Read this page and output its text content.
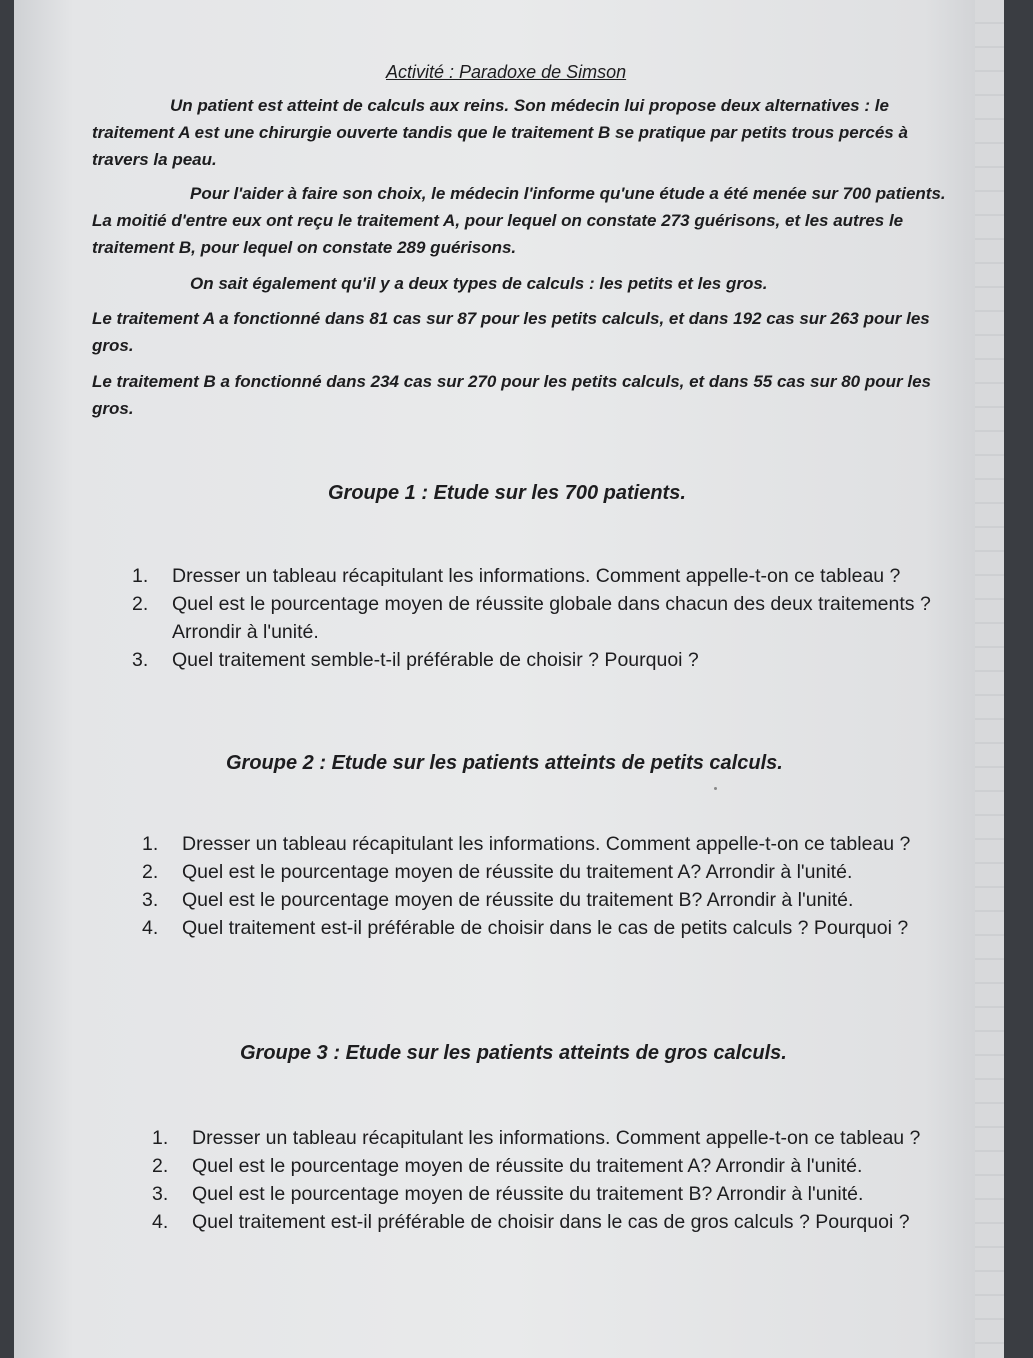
Activité : Paradoxe de Simson

Un patient est atteint de calculs aux reins. Son médecin lui propose deux alternatives : le traitement A est une chirurgie ouverte tandis que le traitement B se pratique par petits trous percés à travers la peau.

Pour l'aider à faire son choix, le médecin l'informe qu'une étude a été menée sur 700 patients. La moitié d'entre eux ont reçu le traitement A, pour lequel on constate 273 guérisons, et les autres le traitement B, pour lequel on constate 289 guérisons.

On sait également qu'il y a deux types de calculs : les petits et les gros.

Le traitement A a fonctionné dans 81 cas sur 87 pour les petits calculs, et dans 192 cas sur 263 pour les gros.

Le traitement B a fonctionné dans 234 cas sur 270 pour les petits calculs, et dans 55 cas sur 80 pour les gros.

Groupe 1 : Etude sur les 700 patients.
1. Dresser un tableau récapitulant les informations. Comment appelle-t-on ce tableau ?
2. Quel est le pourcentage moyen de réussite globale dans chacun des deux traitements ? Arrondir à l'unité.
3. Quel traitement semble-t-il préférable de choisir ? Pourquoi ?
Groupe 2 : Etude sur les patients atteints de petits calculs.
1. Dresser un tableau récapitulant les informations. Comment appelle-t-on ce tableau ?
2. Quel est le pourcentage moyen de réussite du traitement A? Arrondir à l'unité.
3. Quel est le pourcentage moyen de réussite du traitement B? Arrondir à l'unité.
4. Quel traitement est-il préférable de choisir dans le cas de petits calculs ? Pourquoi ?
Groupe 3 : Etude sur les patients atteints de gros calculs.
1. Dresser un tableau récapitulant les informations. Comment appelle-t-on ce tableau ?
2. Quel est le pourcentage moyen de réussite du traitement A? Arrondir à l'unité.
3. Quel est le pourcentage moyen de réussite du traitement B? Arrondir à l'unité.
4. Quel traitement est-il préférable de choisir dans le cas de gros calculs ? Pourquoi ?
